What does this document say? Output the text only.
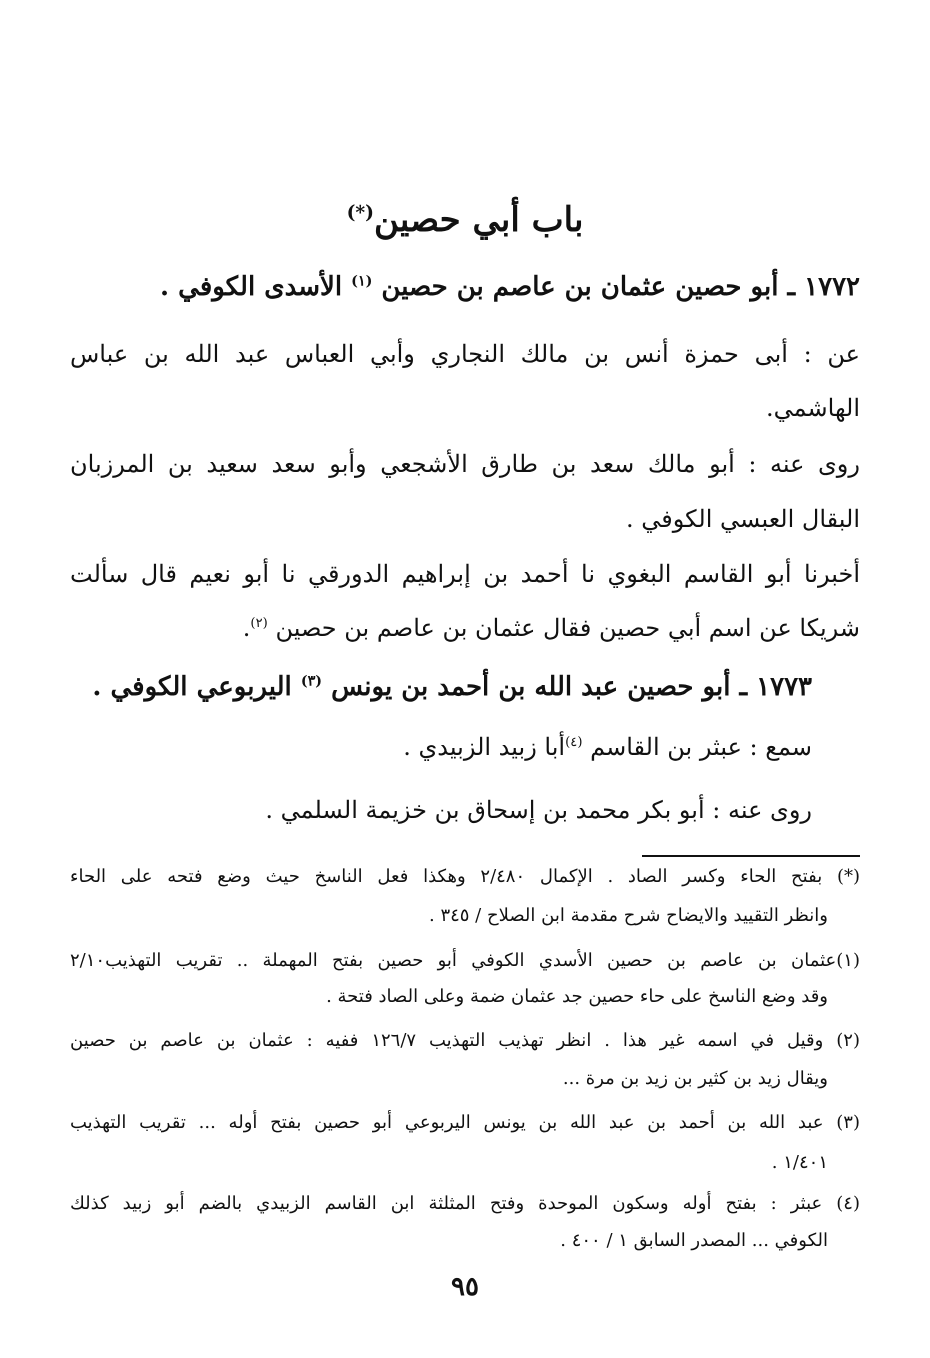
باب أبي حصين(*)
١٧٧٢ ـ أبو حصين عثمان بن عاصم بن حصين $^{(١)}$ الأسدى الكوفي .
عن : أبى حمزة أنس بن مالك النجاري وأبي العباس عبد الله بن عباس
الهاشمي.
روى عنه : أبو مالك سعد بن طارق الأشجعي وأبو سعد سعيد بن المرزبان
البقال العبسي الكوفي .
أخبرنا أبو القاسم البغوي نا أحمد بن إبراهيم الدورقي نا أبو نعيم قال سألت
شريكا عن اسم أبي حصين فقال عثمان بن عاصم بن حصين $^{(٢)}$.
١٧٧٣ ـ أبو حصين عبد الله بن أحمد بن يونس $^{(٣)}$ اليربوعي الكوفي .
سمع : عبثر بن القاسم $^{(٤)}$أبا زبيد الزبيدي .
روى عنه : أبو بكر محمد بن إسحاق بن خزيمة السلمي .
(*) بفتح الحاء وكسر الصاد . الإكمال ٢/٤٨٠ وهكذا فعل الناسخ حيث وضع فتحه على الحاء
وانظر التقييد والايضاح شرح مقدمة ابن الصلاح / ٣٤٥ .
(١)عثمان بن عاصم بن حصين الأسدي الكوفي أبو حصين بفتح المهملة .. تقريب التهذيب٢/١٠
وقد وضع الناسخ على حاء حصين جد عثمان ضمة وعلى الصاد فتحة .
(٢) وقيل في اسمه غير هذا . انظر تهذيب التهذيب ١٢٦/٧ ففيه : عثمان بن عاصم بن حصين
ويقال زيد بن كثير بن زيد بن مرة ...
(٣) عبد الله بن أحمد بن عبد الله بن يونس اليربوعي أبو حصين بفتح أوله ... تقريب التهذيب
١/٤٠١ .
(٤) عبثر : بفتح أوله وسكون الموحدة وفتح المثلثة ابن القاسم الزبيدي بالضم أبو زبيد كذلك
الكوفي ... المصدر السابق ١ / ٤٠٠ .
٩٥
